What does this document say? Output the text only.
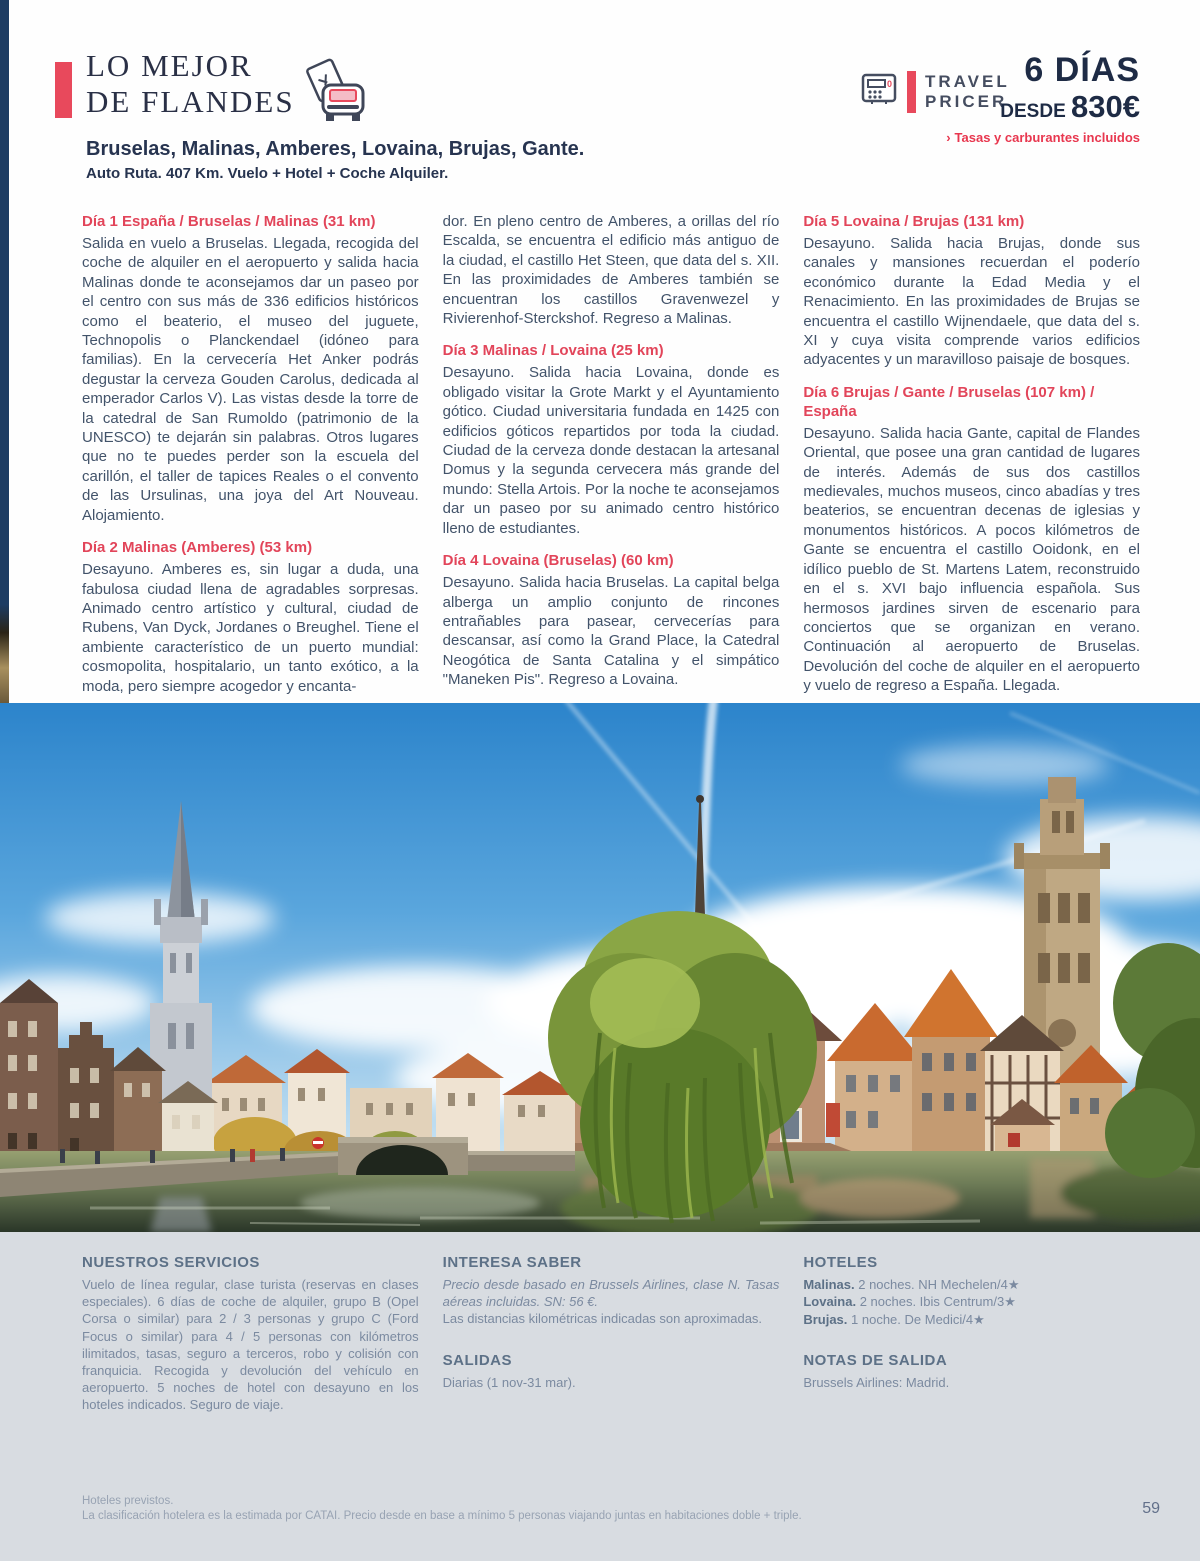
LO MEJOR
DE FLANDES	0 TRAVEL
PRICER
6 DÍAS
DESDE 830€
› Tasas y carburantes incluidos
Bruselas, Malinas, Amberes, Lovaina, Brujas, Gante.
Auto Ruta. 407 Km. Vuelo + Hotel + Coche Alquiler.
Día 1 España / Bruselas / Malinas (31 km)

Salida en vuelo a Bruselas. Llegada, recogida del coche de alquiler en el aeropuerto y salida hacia Malinas donde te aconsejamos dar un paseo por el centro con sus más de 336 edificios históricos como el beaterio, el museo del juguete, Technopolis o Planckendael (idóneo para familias). En la cervecería Het Anker podrás degustar la cerveza Gouden Carolus, dedicada al emperador Carlos V). Las vistas desde la torre de la catedral de San Rumoldo (patrimonio de la UNESCO) te dejarán sin palabras. Otros lugares que no te puedes perder son la escuela del carillón, el taller de tapices Reales o el convento de las Ursulinas, una joya del Art Nouveau. Alojamiento.

Día 2 Malinas (Amberes) (53 km)

Desayuno. Amberes es, sin lugar a duda, una fabulosa ciudad llena de agradables sorpresas. Animado centro artístico y cultural, ciudad de Rubens, Van Dyck, Jordanes o Breughel. Tiene el ambiente característico de un puerto mundial: cosmopolita, hospitalario, un tanto exótico, a la moda, pero siempre acogedor y encanta-

dor. En pleno centro de Amberes, a orillas del río Escalda, se encuentra el edificio más antiguo de la ciudad, el castillo Het Steen, que data del s. XII. En las proximidades de Amberes también se encuentran los castillos Gravenwezel y Rivierenhof-Sterckshof. Regreso a Malinas.

Día 3 Malinas / Lovaina (25 km)

Desayuno. Salida hacia Lovaina, donde es obligado visitar la Grote Markt y el Ayuntamiento gótico. Ciudad universitaria fundada en 1425 con edificios góticos repartidos por toda la ciudad. Ciudad de la cerveza donde destacan la artesanal Domus y la segunda cervecera más grande del mundo: Stella Artois. Por la noche te aconsejamos dar un paseo por su animado centro histórico lleno de estudiantes.

Día 4 Lovaina (Bruselas) (60 km)

Desayuno. Salida hacia Bruselas. La capital belga alberga un amplio conjunto de rincones entrañables para pasear, cervecerías para descansar, así como la Grand Place, la Catedral Neogótica de Santa Catalina y el simpático "Maneken Pis". Regreso a Lovaina.

Día 5 Lovaina / Brujas (131 km)

Desayuno. Salida hacia Brujas, donde sus canales y mansiones recuerdan el poderío económico durante la Edad Media y el Renacimiento. En las proximidades de Brujas se encuentra el castillo Wijnendaele, que data del s. XI y cuya visita comprende varios edificios adyacentes y un maravilloso paisaje de bosques.

Día 6 Brujas / Gante / Bruselas (107 km) / España

Desayuno. Salida hacia Gante, capital de Flandes Oriental, que posee una gran cantidad de lugares de interés. Además de sus dos castillos medievales, muchos museos, cinco abadías y tres beaterios, se encuentran decenas de iglesias y monumentos históricos. A pocos kilómetros de Gante se encuentra el castillo Ooidonk, en el idílico pueblo de St. Martens Latem, reconstruido en el s. XVI bajo influencia española. Sus hermosos jardines sirven de escenario para conciertos que se organizan en verano. Continuación al aeropuerto de Bruselas. Devolución del coche de alquiler en el aeropuerto y vuelo de regreso a España. Llegada.

NUESTROS SERVICIOS

Vuelo de línea regular, clase turista (reservas en clases especiales). 6 días de coche de alquiler, grupo B (Opel Corsa o similar) para 2 / 3 personas y grupo C (Ford Focus o similar) para 4 / 5 personas con kilómetros ilimitados, tasas, seguro a terceros, robo y colisión con franquicia. Recogida y devolución del vehículo en aeropuerto. 5 noches de hotel con desayuno en los hoteles indicados. Seguro de viaje.

INTERESA SABER

Precio desde basado en Brussels Airlines, clase N. Tasas aéreas incluidas. SN: 56 €.

Las distancias kilométricas indicadas son aproximadas.

SALIDAS

Diarias (1 nov-31 mar).

HOTELES
Malinas. 2 noches. NH Mechelen/4★
Lovaina. 2 noches. Ibis Centrum/3★
Brujas. 1 noche. De Medici/4★
NOTAS DE SALIDA

Brussels Airlines: Madrid.

Hoteles previstos.
La clasificación hotelera es la estimada por CATAI. Precio desde en base a mínimo 5 personas viajando juntas en habitaciones doble + triple.	59
